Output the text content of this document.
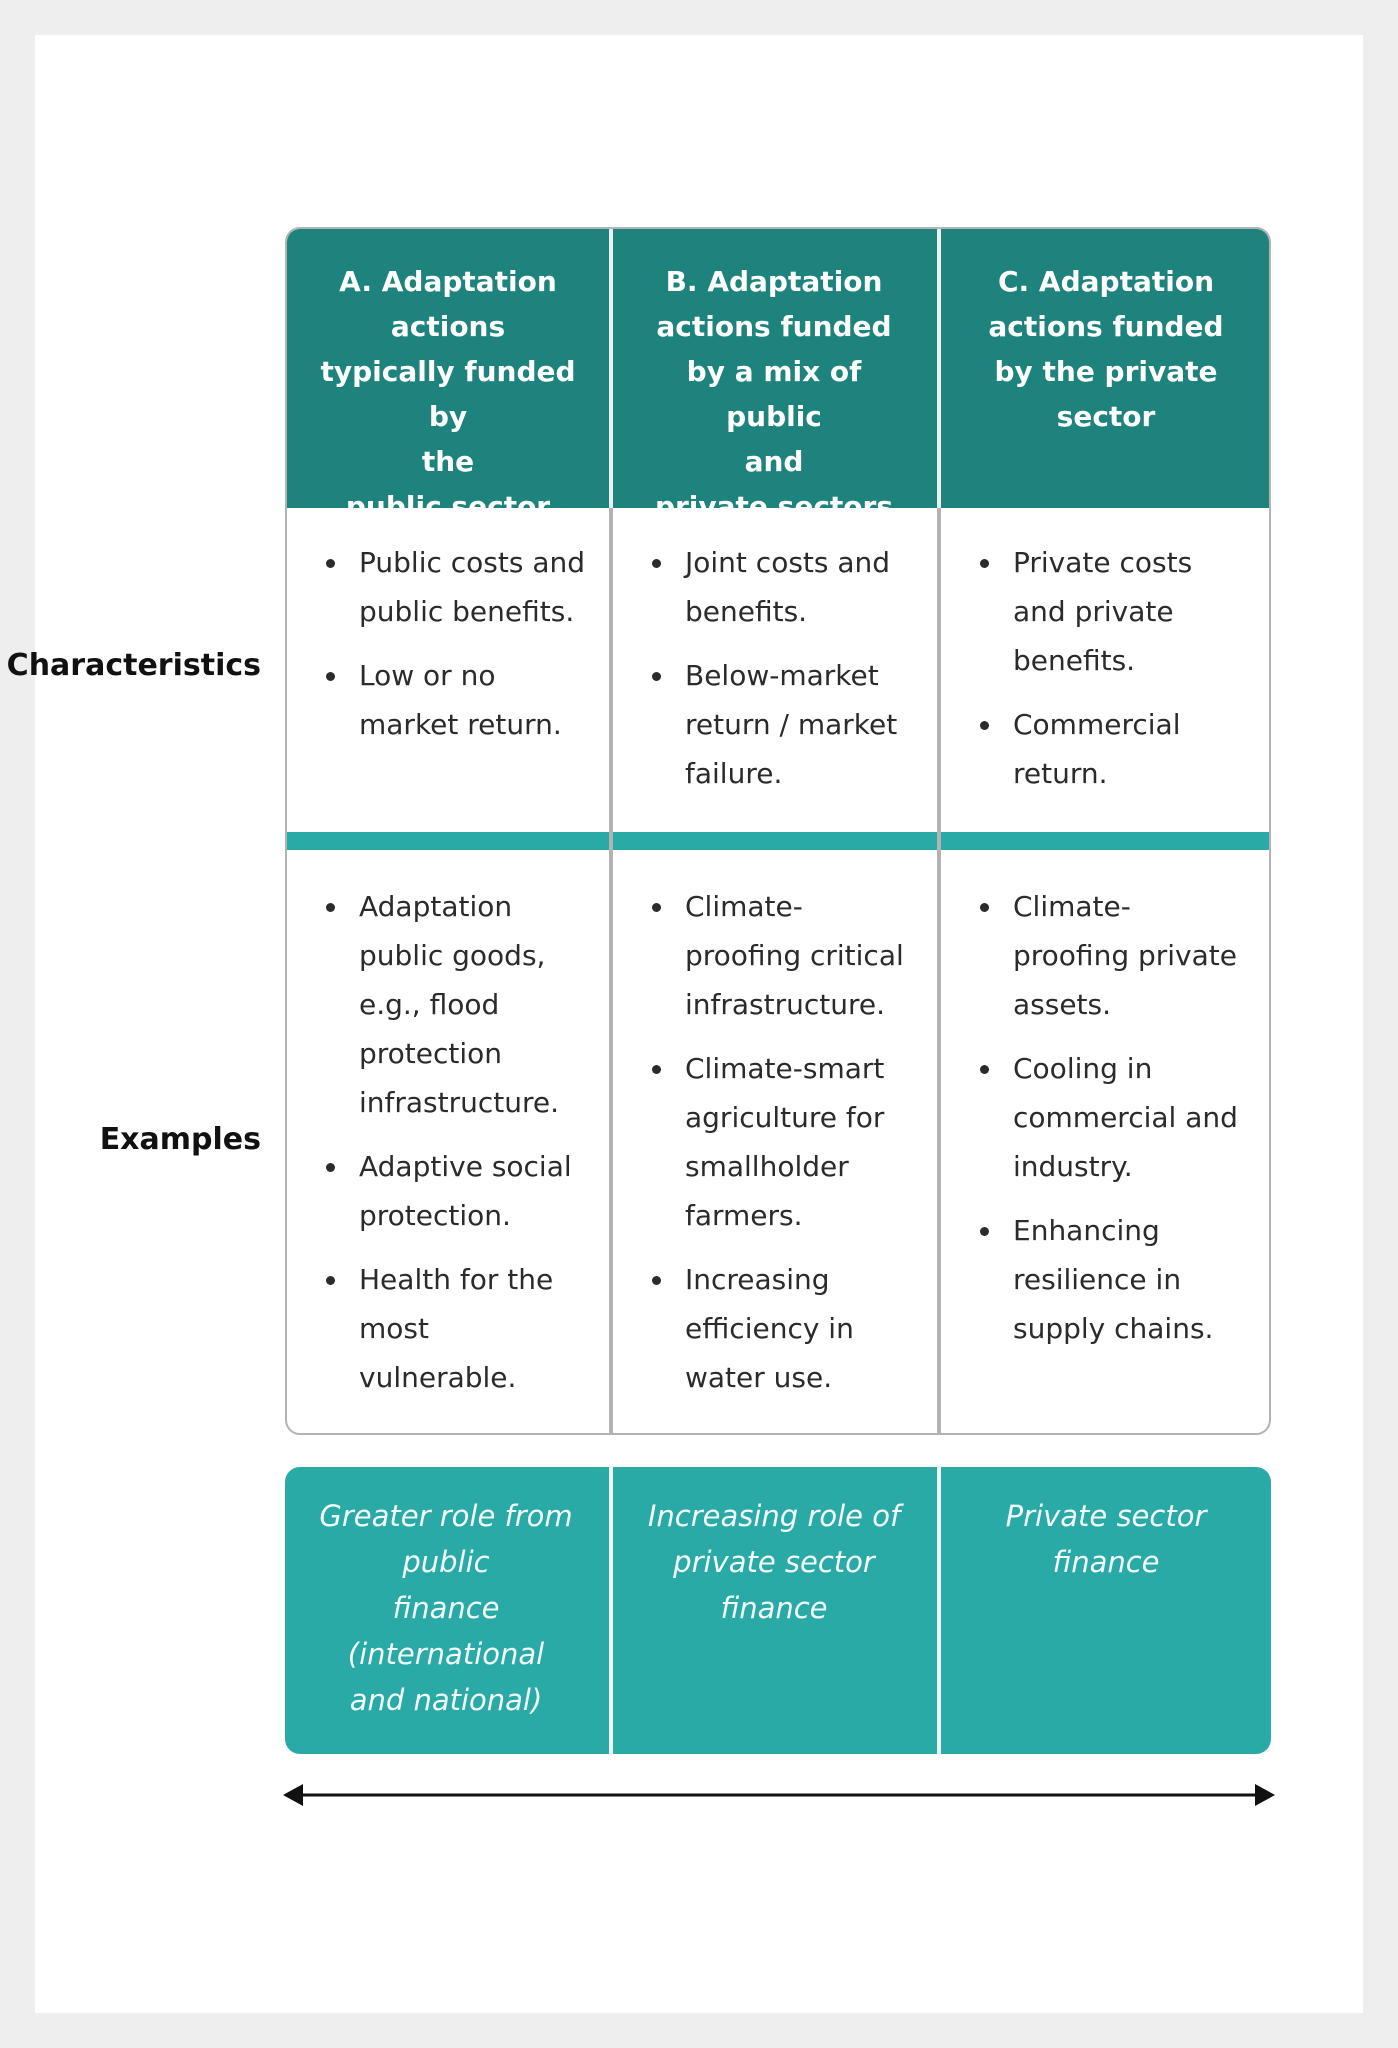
Characteristics
Examples
A. Adaptation
actions
typically funded by
the
public sector
B. Adaptation
actions funded
by a mix of public
and
private sectors
C. Adaptation
actions funded
by the private
sector
Public costs and
public benefits.
Low or no
market return.
Joint costs and
benefits.
Below-market
return / market
failure.
Private costs
and private
benefits.
Commercial
return.
Adaptation
public goods,
e.g., flood
protection
infrastructure.
Adaptive social
protection.
Health for the
most
vulnerable.
Climate-
proofing critical
infrastructure.
Climate-smart
agriculture for
smallholder
farmers.
Increasing
efficiency in
water use.
Climate-
proofing private
assets.
Cooling in
commercial and
industry.
Enhancing
resilience in
supply chains.
Greater role from
public
finance
(international
and national)
Increasing role of
private sector
finance
Private sector
finance
